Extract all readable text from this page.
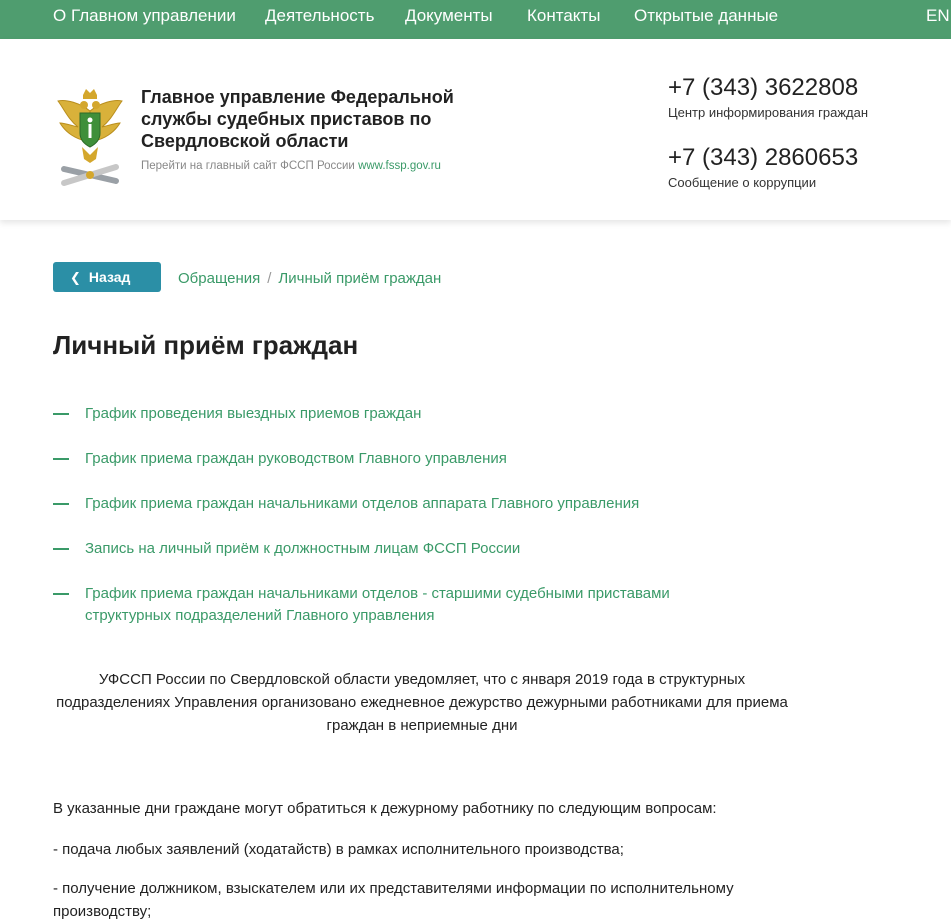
О Главном управлении Деятельность Документы Контакты Открытые данные	EN
Главное управление Федеральной службы судебных приставов по Свердловской области
Перейти на главный сайт ФССП России www.fssp.gov.ru
+7 (343) 3622808
Центр информирования граждан
+7 (343) 2860653
Сообщение о коррупции
❮ Назад	Обращения / Личный приём граждан
Личный приём граждан
График проведения выездных приемов граждан
График приема граждан руководством Главного управления
График приема граждан начальниками отделов аппарата Главного управления
Запись на личный приём к должностным лицам ФССП России
График приема граждан начальниками отделов - старшими судебными приставами структурных подразделений Главного управления
УФССП России по Свердловской области уведомляет, что с января 2019 года в структурных подразделениях Управления организовано ежедневное дежурство дежурными работниками для приема граждан в неприемные дни
В указанные дни граждане могут обратиться к дежурному работнику по следующим вопросам:
- подача любых заявлений (ходатайств) в рамках исполнительного производства;
- получение должником, взыскателем или их представителями информации по исполнительному производству;
